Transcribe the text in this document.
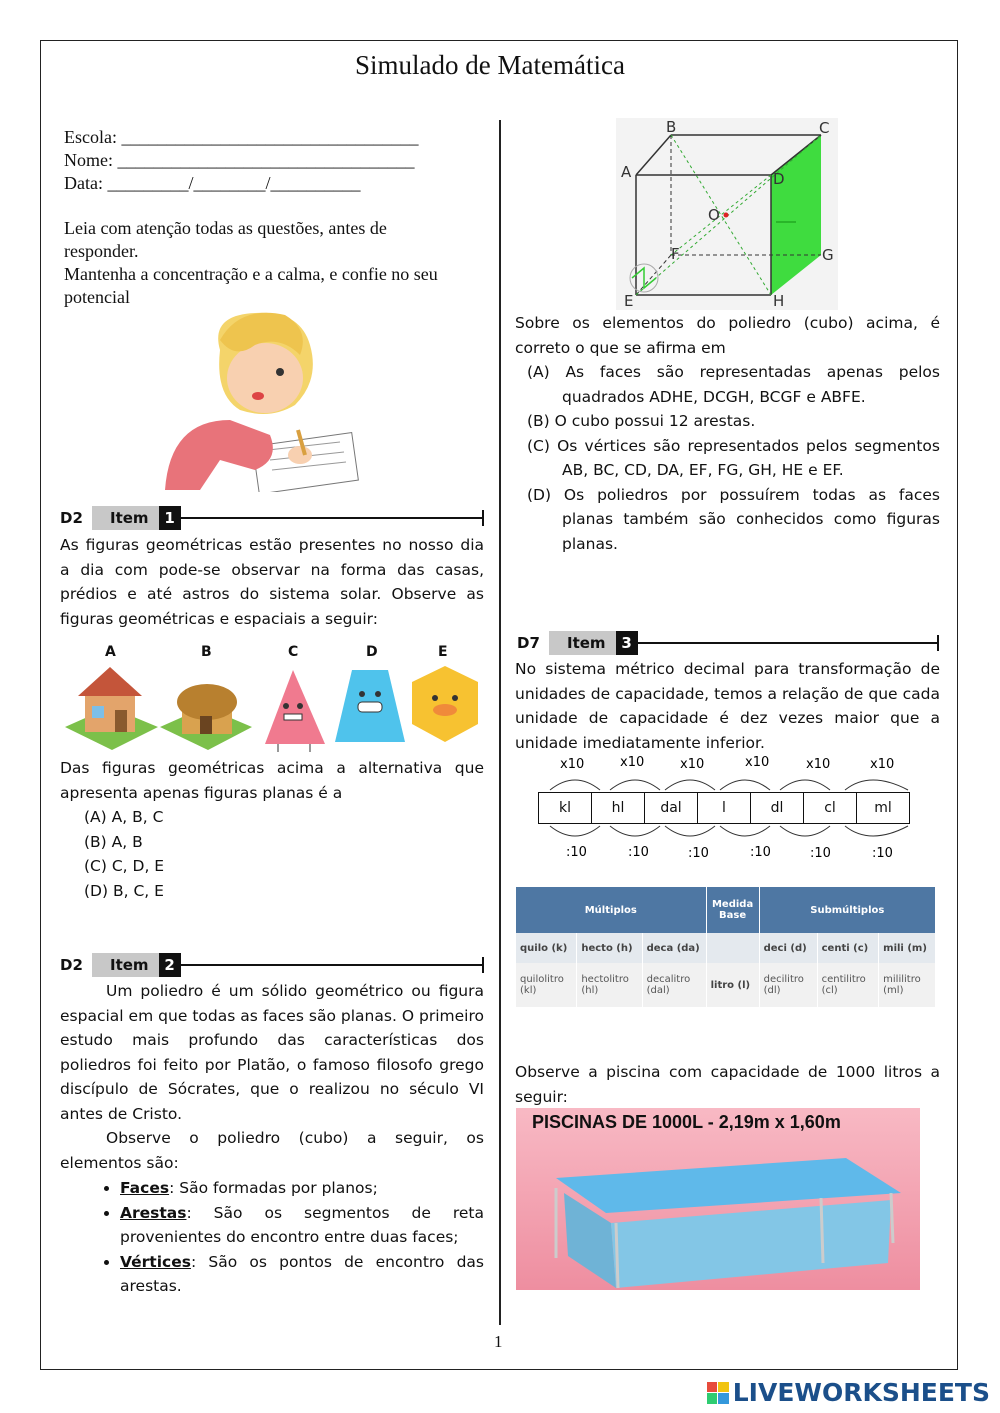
Simulado de Matemática
Escola: _________________________________
Nome: _________________________________
Data: _________/________/__________
Leia com atenção todas as questões, antes de responder.
Mantenha a concentração e a calma, e confie no seu potencial
D2	Item	1
As figuras geométricas estão presentes no nosso dia a dia com pode-se observar na forma das casas, prédios e até astros do sistema solar. Observe as figuras geométricas e espaciais a seguir:
A	B	C	D	E
Das figuras geométricas acima a alternativa que apresenta apenas figuras planas é a
(A) A, B, C
(B) A, B
(C) C, D, E
(D) B, C, E
D2	Item	2
Um poliedro é um sólido geométrico ou figura espacial em que todas as faces são planas. O primeiro estudo mais profundo das características dos poliedros foi feito por Platão, o famoso filosofo grego discípulo de Sócrates, que o realizou no século VI antes de Cristo.
Observe o poliedro (cubo) a seguir, os elementos são:
• Faces: São formadas por planos;
• Arestas: São os segmentos de reta provenientes do encontro entre duas faces;
• Vértices: São os pontos de encontro das arestas.
B	C
A	D
O
F	G
E	H
Sobre os elementos do poliedro (cubo) acima, é correto o que se afirma em
(A) As faces são representadas apenas pelos quadrados ADHE, DCGH, BCGF e ABFE.
(B) O cubo possui 12 arestas.
(C) Os vértices são representados pelos segmentos AB, BC, CD, DA, EF, FG, GH, HE e EF.
(D) Os poliedros por possuírem todas as faces planas também são conhecidos como figuras planas.
D7	Item	3
No sistema métrico decimal para transformação de unidades de capacidade, temos a relação de que cada unidade de capacidade é dez vezes maior que a unidade imediatamente inferior.
x10	x10	x10	x10	x10	x10
:10	:10	:10	:10	:10	:10
kl	hl	dal	l	dl	cl	ml
Múltiplos			Medida Base	Submúltiplos		
quilo (k)	hecto (h)	deca (da)		deci (d)	centi (c)	mili (m)
quilolitro (kl)	hectolitro (hl)	decalitro (dal)	litro (l)	decilitro (dl)	centilitro (cl)	mililitro (ml)
Observe a piscina com capacidade de 1000 litros a seguir:
PISCINAS DE 1000L - 2,19m x 1,60m
1
LIVEWORKSHEETS
